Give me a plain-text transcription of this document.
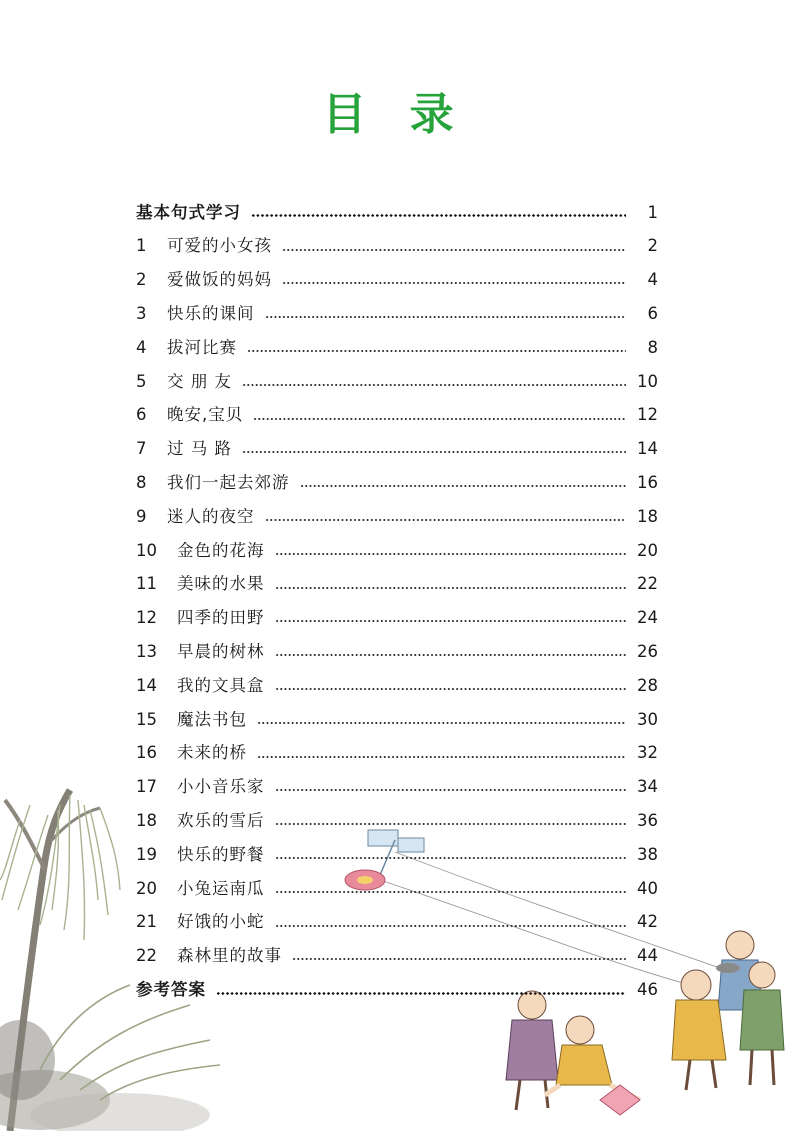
目 录
基本句式学习	1
1	可爱的小女孩	2
2	爱做饭的妈妈	4
3	快乐的课间	6
4	拔河比赛	8
5	交 朋 友	10
6	晚安,宝贝	12
7	过 马 路	14
8	我们一起去郊游	16
9	迷人的夜空	18
10	金色的花海	20
11	美味的水果	22
12	四季的田野	24
13	早晨的树林	26
14	我的文具盒	28
15	魔法书包	30
16	未来的桥	32
17	小小音乐家	34
18	欢乐的雪后	36
19	快乐的野餐	38
20	小兔运南瓜	40
21	好饿的小蛇	42
22	森林里的故事	44
参考答案	46
